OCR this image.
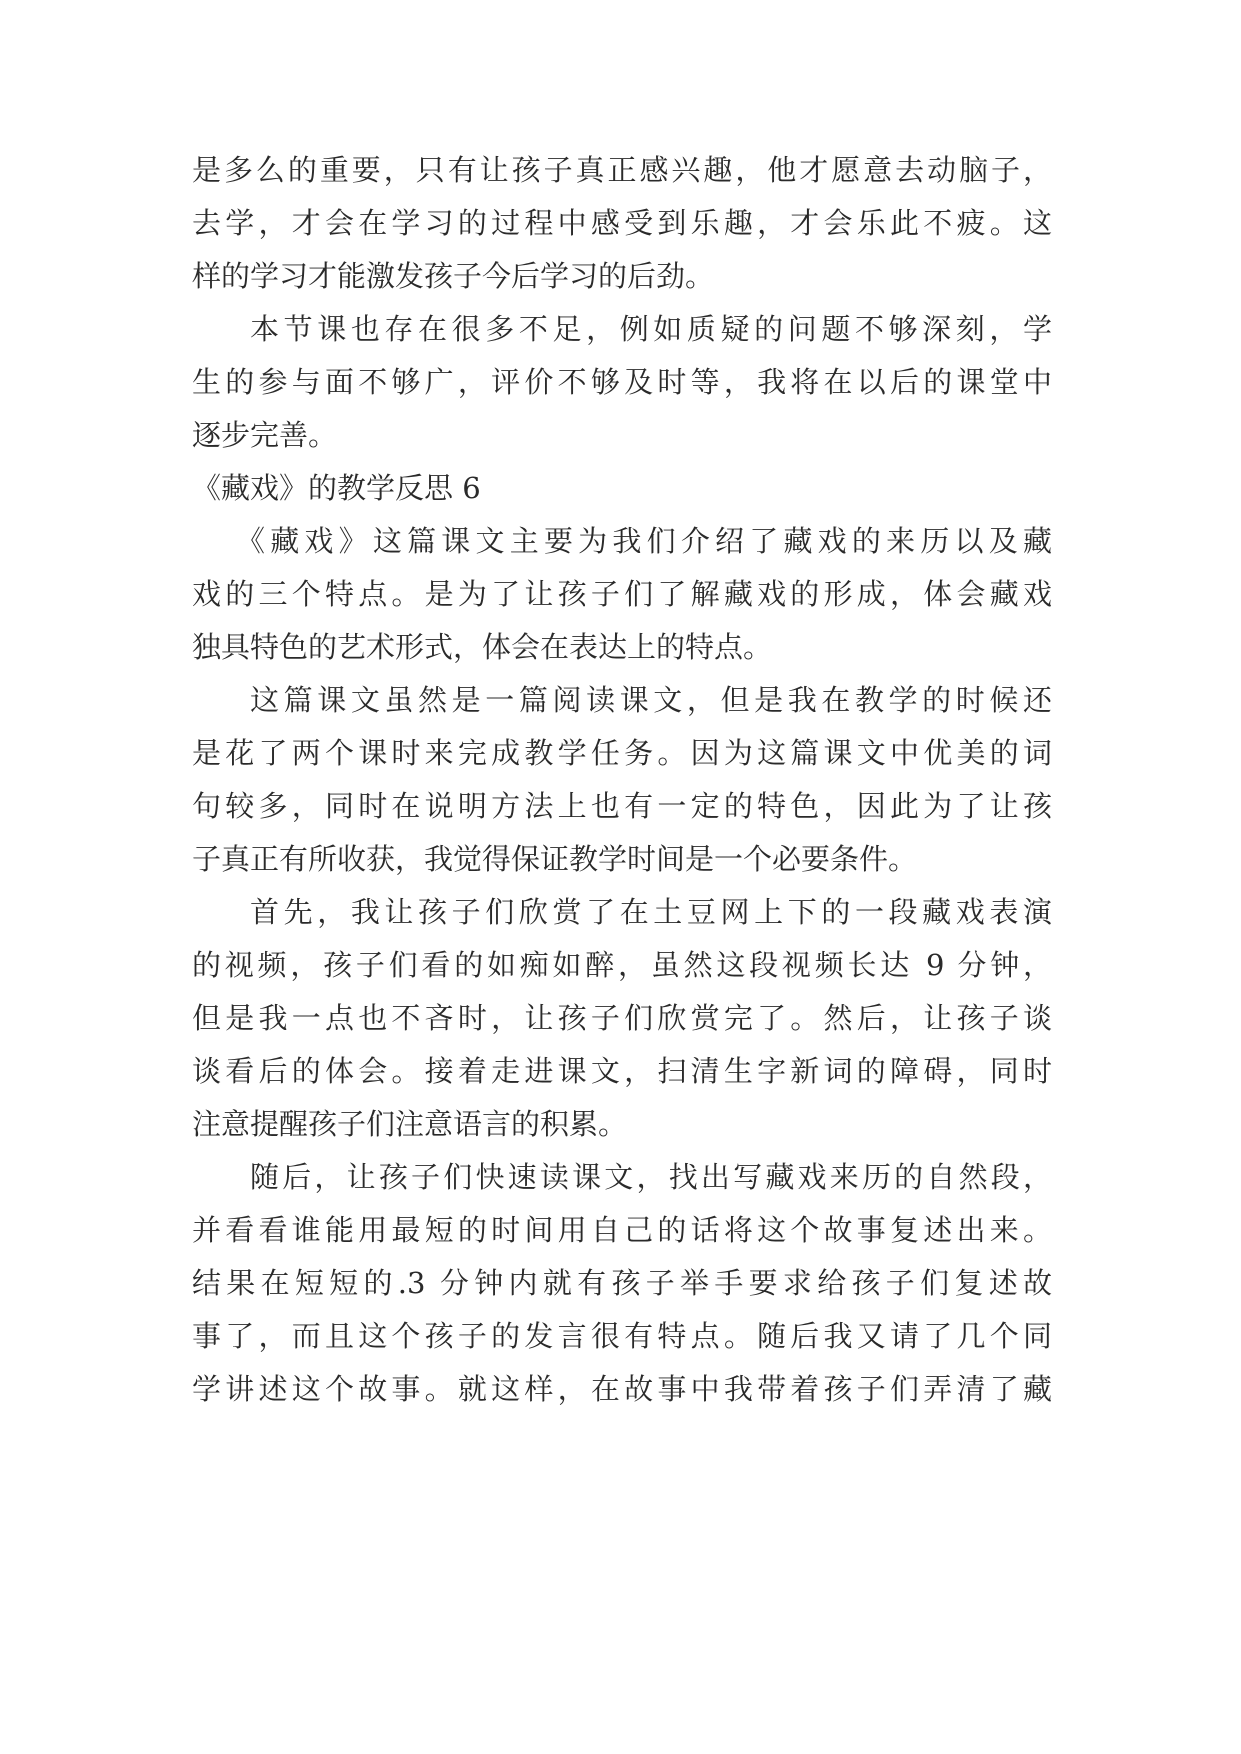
是多么的重要，只有让孩子真正感兴趣，他才愿意去动脑子，
去学，才会在学习的过程中感受到乐趣，才会乐此不疲。这
样的学习才能激发孩子今后学习的后劲。
本节课也存在很多不足，例如质疑的问题不够深刻，学
生的参与面不够广，评价不够及时等，我将在以后的课堂中
逐步完善。
《藏戏》的教学反思 6
《藏戏》这篇课文主要为我们介绍了藏戏的来历以及藏
戏的三个特点。是为了让孩子们了解藏戏的形成，体会藏戏
独具特色的艺术形式，体会在表达上的特点。
这篇课文虽然是一篇阅读课文，但是我在教学的时候还
是花了两个课时来完成教学任务。因为这篇课文中优美的词
句较多，同时在说明方法上也有一定的特色，因此为了让孩
子真正有所收获，我觉得保证教学时间是一个必要条件。
首先，我让孩子们欣赏了在土豆网上下的一段藏戏表演
的视频，孩子们看的如痴如醉，虽然这段视频长达 9 分钟，
但是我一点也不吝时，让孩子们欣赏完了。然后，让孩子谈
谈看后的体会。接着走进课文，扫清生字新词的障碍，同时
注意提醒孩子们注意语言的积累。
随后，让孩子们快速读课文，找出写藏戏来历的自然段，
并看看谁能用最短的时间用自己的话将这个故事复述出来。
结果在短短的.3 分钟内就有孩子举手要求给孩子们复述故
事了，而且这个孩子的发言很有特点。随后我又请了几个同
学讲述这个故事。就这样，在故事中我带着孩子们弄清了藏
